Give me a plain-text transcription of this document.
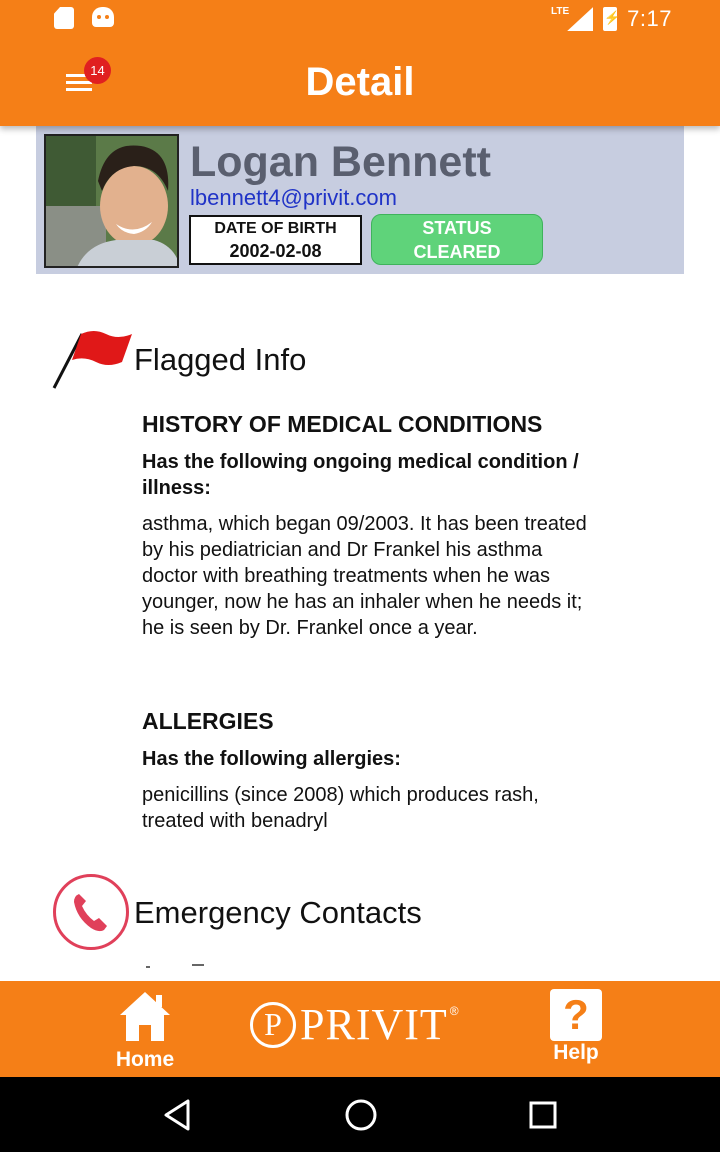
LTE
⚡	7:17
14	Detail
Logan Bennett
lbennett4@privit.com
DATE OF BIRTH
2002-02-08
STATUS
CLEARED
Flagged Info
HISTORY OF MEDICAL CONDITIONS
Has the following ongoing medical condition / illness:
asthma, which began 09/2003. It has been treated by his pediatrician and Dr Frankel his asthma doctor with breathing treatments when he was younger, now he has an inhaler when he needs it; he is seen by Dr. Frankel once a year.
ALLERGIES
Has the following allergies:
penicillins (since 2008) which produces rash, treated with benadryl
Emergency Contacts
Home
P PRIVIT ®	?
Help
